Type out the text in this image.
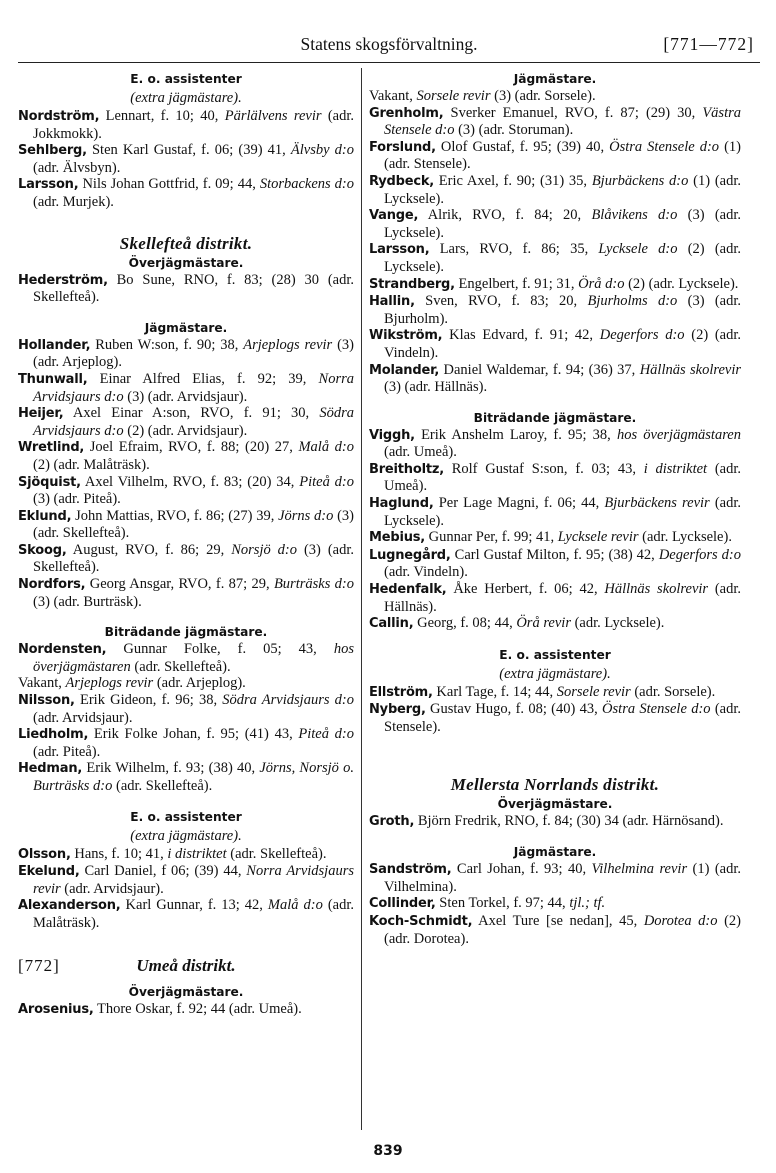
Statens skogsförvaltning.	[771—772]
E. o. assistenter
(extra jägmästare).

Nordström, Lennart, f. 10; 40, Pärlälvens revir (adr. Jokkmokk).

Sehlberg, Sten Karl Gustaf, f. 06; (39) 41, Älvsby d:o (adr. Älvsbyn).

Larsson, Nils Johan Gottfrid, f. 09; 44, Storbackens d:o (adr. Murjek).

Skellefteå distrikt.
Överjägmästare.

Hederström, Bo Sune, RNO, f. 83; (28) 30 (adr. Skellefteå).

Jägmästare.

Hollander, Ruben W:son, f. 90; 38, Arjeplogs revir (3) (adr. Arjeplog).

Thunwall, Einar Alfred Elias, f. 92; 39, Norra Arvidsjaurs d:o (3) (adr. Arvidsjaur).

Heijer, Axel Einar A:son, RVO, f. 91; 30, Södra Arvidsjaurs d:o (2) (adr. Arvidsjaur).

Wretlind, Joel Efraim, RVO, f. 88; (20) 27, Malå d:o (2) (adr. Malåträsk).

Sjöquist, Axel Vilhelm, RVO, f. 83; (20) 34, Piteå d:o (3) (adr. Piteå).

Eklund, John Mattias, RVO, f. 86; (27) 39, Jörns d:o (3) (adr. Skellefteå).

Skoog, August, RVO, f. 86; 29, Norsjö d:o (3) (adr. Skellefteå).

Nordfors, Georg Ansgar, RVO, f. 87; 29, Burträsks d:o (3) (adr. Burträsk).

Biträdande jägmästare.

Nordensten, Gunnar Folke, f. 05; 43, hos överjägmästaren (adr. Skellefteå).

Vakant, Arjeplogs revir (adr. Arjeplog).

Nilsson, Erik Gideon, f. 96; 38, Södra Arvidsjaurs d:o (adr. Arvidsjaur).

Liedholm, Erik Folke Johan, f. 95; (41) 43, Piteå d:o (adr. Piteå).

Hedman, Erik Wilhelm, f. 93; (38) 40, Jörns, Norsjö o. Burträsks d:o (adr. Skellefteå).

E. o. assistenter
(extra jägmästare).

Olsson, Hans, f. 10; 41, i distriktet (adr. Skellefteå).

Ekelund, Carl Daniel, f 06; (39) 44, Norra Arvidsjaurs revir (adr. Arvidsjaur).

Alexanderson, Karl Gunnar, f. 13; 42, Malå d:o (adr. Malåträsk).

[772]	Umeå distrikt.
Överjägmästare.

Arosenius, Thore Oskar, f. 92; 44 (adr. Umeå).

Jägmästare.

Vakant, Sorsele revir (3) (adr. Sorsele).

Grenholm, Sverker Emanuel, RVO, f. 87; (29) 30, Västra Stensele d:o (3) (adr. Storuman).

Forslund, Olof Gustaf, f. 95; (39) 40, Östra Stensele d:o (1) (adr. Stensele).

Rydbeck, Eric Axel, f. 90; (31) 35, Bjurbäckens d:o (1) (adr. Lycksele).

Vange, Alrik, RVO, f. 84; 20, Blåvikens d:o (3) (adr. Lycksele).

Larsson, Lars, RVO, f. 86; 35, Lycksele d:o (2) (adr. Lycksele).

Strandberg, Engelbert, f. 91; 31, Örå d:o (2) (adr. Lycksele).

Hallin, Sven, RVO, f. 83; 20, Bjurholms d:o (3) (adr. Bjurholm).

Wikström, Klas Edvard, f. 91; 42, Degerfors d:o (2) (adr. Vindeln).

Molander, Daniel Waldemar, f. 94; (36) 37, Hällnäs skolrevir (3) (adr. Hällnäs).

Biträdande jägmästare.

Viggh, Erik Anshelm Laroy, f. 95; 38, hos överjägmästaren (adr. Umeå).

Breitholtz, Rolf Gustaf S:son, f. 03; 43, i distriktet (adr. Umeå).

Haglund, Per Lage Magni, f. 06; 44, Bjurbäckens revir (adr. Lycksele).

Mebius, Gunnar Per, f. 99; 41, Lycksele revir (adr. Lycksele).

Lugnegård, Carl Gustaf Milton, f. 95; (38) 42, Degerfors d:o (adr. Vindeln).

Hedenfalk, Åke Herbert, f. 06; 42, Hällnäs skolrevir (adr. Hällnäs).

Callin, Georg, f. 08; 44, Örå revir (adr. Lycksele).

E. o. assistenter
(extra jägmästare).

Ellström, Karl Tage, f. 14; 44, Sorsele revir (adr. Sorsele).

Nyberg, Gustav Hugo, f. 08; (40) 43, Östra Stensele d:o (adr. Stensele).

Mellersta Norrlands distrikt.
Överjägmästare.

Groth, Björn Fredrik, RNO, f. 84; (30) 34 (adr. Härnösand).

Jägmästare.

Sandström, Carl Johan, f. 93; 40, Vilhelmina revir (1) (adr. Vilhelmina).

Collinder, Sten Torkel, f. 97; 44, tjl.; tf.

Koch-Schmidt, Axel Ture [se nedan], 45, Dorotea d:o (2) (adr. Dorotea).

839
